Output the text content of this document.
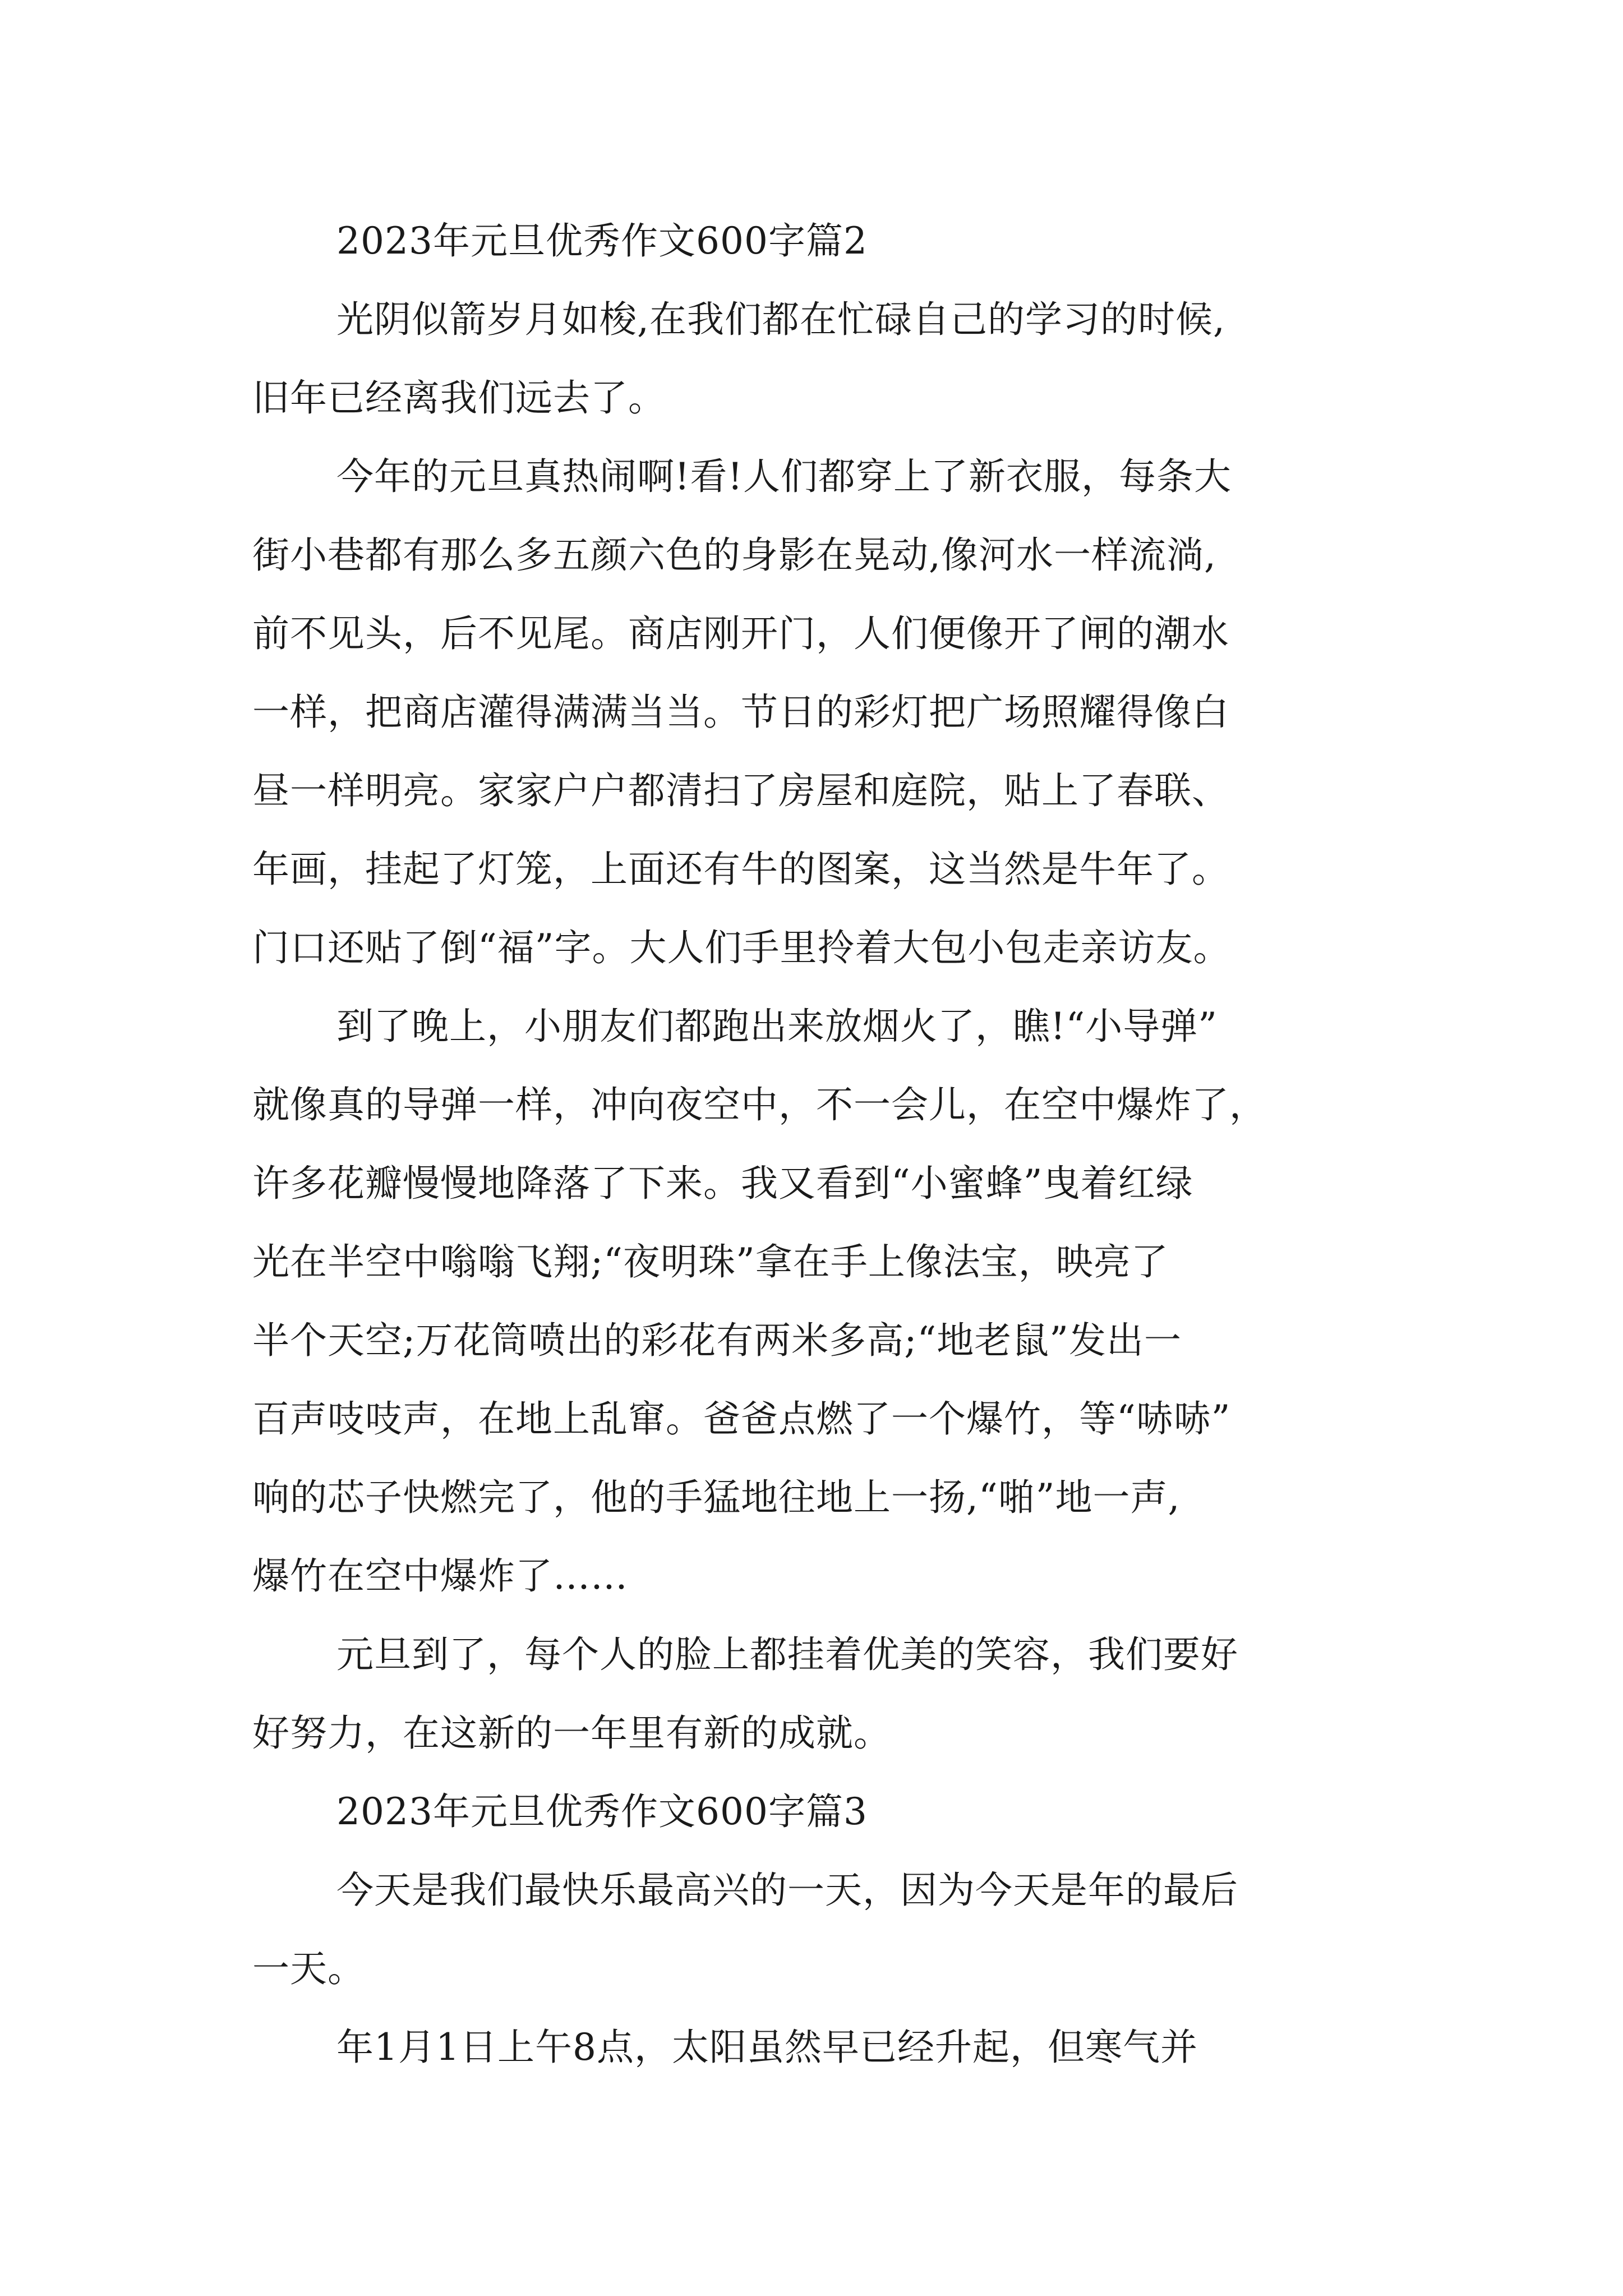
2023年元旦优秀作文600字篇2
光阴似箭岁月如梭,在我们都在忙碌自己的学习的时候,
旧年已经离我们远去了。
今年的元旦真热闹啊!看!人们都穿上了新衣服，每条大
街小巷都有那么多五颜六色的身影在晃动,像河水一样流淌,
前不见头，后不见尾。商店刚开门，人们便像开了闸的潮水
一样，把商店灌得满满当当。节日的彩灯把广场照耀得像白
昼一样明亮。家家户户都清扫了房屋和庭院，贴上了春联、
年画，挂起了灯笼，上面还有牛的图案，这当然是牛年了。
门口还贴了倒“福”字。大人们手里拎着大包小包走亲访友。
到了晚上，小朋友们都跑出来放烟火了，瞧!“小导弹”
就像真的导弹一样，冲向夜空中，不一会儿，在空中爆炸了，
许多花瓣慢慢地降落了下来。我又看到“小蜜蜂”曳着红绿
光在半空中嗡嗡飞翔;“夜明珠”拿在手上像法宝，映亮了
半个天空;万花筒喷出的彩花有两米多高;“地老鼠”发出一
百声吱吱声，在地上乱窜。爸爸点燃了一个爆竹，等“哧哧”
响的芯子快燃完了，他的手猛地往地上一扬,“啪”地一声,
爆竹在空中爆炸了……
元旦到了，每个人的脸上都挂着优美的笑容，我们要好
好努力，在这新的一年里有新的成就。
2023年元旦优秀作文600字篇3
今天是我们最快乐最高兴的一天，因为今天是年的最后
一天。
年1月1日上午8点，太阳虽然早已经升起，但寒气并
